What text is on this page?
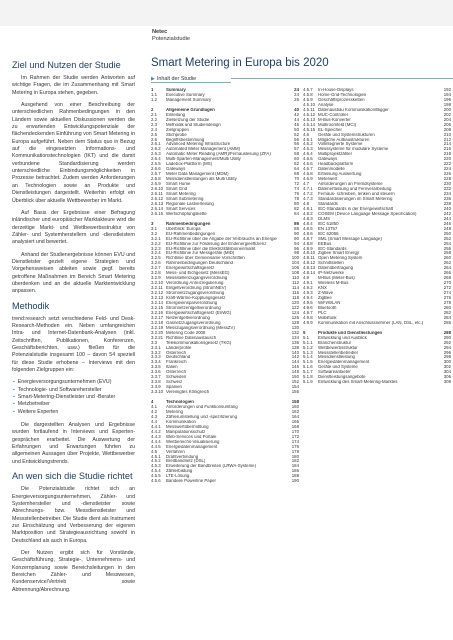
Netec
Potenzialstudie
Smart Metering in Europa bis 2020
▶ Inhalt der Studie
Ziel und Nutzen der Studie

Im Rahmen der Studie werden Antworten auf wichtige Fragen, die im Zusammenhang mit Smart Metering in Europa stehen, gegeben.

Ausgehend von einer Beschreibung der unterschiedlichen Rahmenbedingungen in den Ländern sowie aktuellen Diskussionen werden die zu erwartenden Entwicklungspotenziale der flächendeckenden Einführung von Smart Metering in Europa aufgeführt. Neben dem Status quo in Bezug auf die eingesetzten Informations- und Kommunikationstechnologien (IKT) und die damit verbundene Standardisierung werden unterschiedliche Einbindungsmöglichkeiten in Prozesse betrachtet. Zudem werden Anforderungen an Technologien sowie an Produkte und Dienstleistungen dargestellt. Weiterhin erfolgt ein Überblick über aktuelle Wettbewerber im Markt.

Auf Basis der Ergebnisse einer Befragung inländischer und europäischer Marktakteure wird die derzeitige Markt- und Wettbewerbsstruktur von Zähler- und Systemherstellern und -dienstleistern analysiert und bewertet.

Anhand der Studienergebnisse können EVU und Dienstleister gezielt eigene Strategien und Vorgehensweisen ableiten sowie gegf. bereits getroffene Maßnahmen im Bereich Smart Metering überdenken und an die aktuelle Marktentwicklung anpassen.

Methodik

trend:research setzt verschiedene Feld- und Desk-Research-Methoden ein. Neben umfangreichen Intra- und Internet-Datenbank-Analysen (inkl. Zeitschriften, Publikationen, Konferenzen, Geschäftsberichten, usw.) fließen für die Potenzialstudie insgesamt 100 – davon 54 speziell für diese Studie erhobene – Interviews mit den folgenden Zielgruppen ein:

▪ Energieversorgungsunternehmen (EVU)
▪ Technologie- und Softwarehersteller
▪ Smart-Metering-Dienstleister und -Berater
▪ Metzbetreiber
▪ Weitere Experten

Die dargestellten Analysen und Ergebnisse wurden fortlaufend in Interviews und Experten-gesprächen erarbeitet. Die Auswertung der Erfahrungen und Erwartungen führten zu allgemeinen Aussagen über Projekte, Wettbewerber und Entwicklungstrends.

An wen sich die Studie richtet

Die Potenzialstudie richtet sich an Energieversorgungsunternehmen, Zähler- und Systemhersteller und -dienstleister sowie Abrechnungs- bzw. Messdienstleister und Messstellenbetreiber. Die Studie dient als Instrument zur Einschätzung und Verbesserung der eigenen Marktposition und Strategieausrichtung sowohl in Deutschland als auch in Europa.

Der Nutzen ergibt sich für Vorstände, Geschäftsführung, Strategie-, Unternehmens- und Konzernplanung sowie Bereichsleitungen in den Bereichen Zähler- und Messwesen, Kundenservice/Vertrieb sowie Abtrennung/Abrechnung.

1	Summary	24
1.1	Executive Summary	24
1.2	Management Summary	26
2	Allgemeine Grundlagen	40
2.1	Einleitung	42
2.2	Zielsetzung der Studie	44
2.3	Methodik und Studiendesign	46
2.4	Zielgruppen	50
2.5	Stichprobe	52
2.6	Begriffsbestimmung	56
2.6.1	Advanced Metering Infrastructure	56
2.6.2	Automated Meter Management (AMM)	57
2.6.3	Automatic Meter Reading (AMR)/Fernauslesung (ZFA)	58
2.6.4	Multi-Sparten-Management/Multi Utility	60
2.6.5	Ladebox-Plattform (MS)	62
2.6.6	Gateways	64
2.6.7	Meter Data Management (MDM)	68
2.6.8	Messdienstleistungen als Multi Utility	70
2.6.9	Smart Home	72
2.6.10 Smart Grid	74
2.6.11 Smart Metering	76
2.6.12 Smart Submetering	78
2.6.13 Regionale Lastverteilung	80
2.6.14 Smart Services	82
2.6.15 Wertschöpfungskette	84
3	Rahmenbedingungen	86
3.1	Überblick: Europa	88
3.2	EU-Rahmenbedingungen	90
3.2.1	EU-Richtlinie über die Angabe der Verbrauchs an Energie	90
3.2.2	EU-Richtlinie zur Förderung der Endenergieeffizienz	94
3.2.3	EU-Richtlinie über die Elektrizitätsbinnenmarkt	96
3.2.4	EU-Richtlinie zur Messgeräte (MID)	98
3.2.5	Richtlinie über Gemeinsame Vorschriften	100
3.2.6	Rahmenbedingungen Deutschland	104
3.2.7	Energiewirtschaftsgesetz	106
3.2.8	Mess- und Eichgesetz (MessEG)	108
3.2.9	Messstellenzugangsverordnung	110
3.2.10 Verordnung Anreizregulierung	112
3.2.11 Entgeltverordnung (StromNEV)	114
3.2.12 Stromnetzzugangsverordnung	116
3.2.13 Kraft-Wärme-Kopplungsgesetz	118
3.2.14 Energieeinsparverordnung	120
3.2.15 Stromnetzentgeltverordnung	122
3.2.16 Energiewirtschaftsgesetz (EnWG)	124
3.2.17 Netzentgeltverordnung	126
3.2.18 Gasnetzzugangsverordnung	128
3.2.19 Messzugangsverordnung (MessZV)	130
3.2.20 Metering Code 2008	132
3.2.21 Richtlinie Datenaustausch	134
3.3	Telekommunikationsgesetz (TKG)	136
3.3.1	Länderprofile	138
3.3.2	Österreich	140
3.3.3	Deutschland	142
3.3.4	Frankreich	144
3.3.5	Italien	146
3.3.6	Österreich	148
3.3.7	Schweden	150
3.3.8	Schweiz	152
3.3.9	Spanien	154
3.3.10 Vereinigtes Königreich	156
4	Technologien	158
4.1	Anforderungen und Funktionsumfang	160
4.2	Metering	162
4.3	Zählerumstellung und -spezifizierung	164
4.4	Kommunikation	166
4.4.1	Messwertübermittlung	168
4.4.2	Manipulationsschutz	170
4.4.3	Web-Services und Portale	172
4.4.4	Weitbereichs-Visualisierung	174
4.4.5	Energiedatenmanagement	176
4.5	Verfahren	178
4.5.1	Drahtverbindung	180
4.5.2	Breitbandnetz (DSL)	182
4.5.3	Erweiterung der Bandbreiten (LRWA-Systeme)	184
4.5.4	Zählerbildung	186
4.5.5	LTE-Lösung	188
4.5.6	Bandeile Powerline Paper	190
4.5.7	In-House-Displays	192
4.5.8	Home-Grid-Technologien	194
4.5.9	Geschäftsprozessketten	196
4.5.10 Analyse	198
4.5.11 Datenausbau Kommunikation/Bigger	200
4.5.12 MUC-Controller	202
4.5.13 M-Bus-Konverter	204
4.5.14 Multiroomfeld (MCI)	206
4.5.15 EL-Speicher	208
4.6	Geräte und Systemstrukturen	210
4.6.1	Mögliche Aufbaustrukturen	212
4.6.2	Vollintegrierte Systeme	214
4.6.3	Messsysteme für modulare Systeme	216
4.6.4	Multiprojektzähler	218
4.6.5	Gateways	220
4.6.6	Headbackplatform	222
4.6.7	Datenmodelle	224
4.6.8	Erfassung Auswertung	226
4.6.9	Meterwert	228
4.7	Anforderungen an Fremdsysteme	230
4.7.1	Datenerfassung und Fernverarbeitung	232
4.7.2	Fernaus- schreiben, lenken und steuern	234
4.7.3	Standardisierungen im Smart Metering	236
4.8	Standards	238
4.8.1	IEC-Standards in der Energiewirtschaft	240
4.8.2	COSEM (Device Language Message Specification)	242
4.8.3	DLMS	244
4.8.4	IEC 61850	246
4.8.5	EN 13757	248
4.8.6	IEC 62056	250
4.8.7	SML (Smart Message Language)	252
4.8.8	EEBus	254
4.8.9	IEC-Standards	256
4.8.10 Zigbee Smart Energy	258
4.8.11 Open Metering System	260
4.8.12 Schnittstellen	262
4.8.13 Datenübertragung	264
4.8.14 IP-Netzwerke	266
4.9	M-Bus (Meter-Bus)	268
4.9.1	Wireless M-Bus	270
4.9.2	KNX	272
4.9.3	Z-Wave	274
4.9.4	ZigBee	276
4.9.5	WiFi/WLAN	278
4.9.6	Bluetooth	280
4.9.7	PLC	282
4.9.8	Mobilfunk	284
4.9.9	Kommunikation mit Anschlussnehmer (LAN, DSL, etc.)	286
5	Produkte und Dienstleistungen	288
5.1	Entwicklung und Ausblick	290
5.1.1	Branchenstruktur	292
5.1.2	Wettbewerbsstruktur	294
5.1.3	Messstellenbetreiber	296
5.1.4	Messdienstleistung	298
5.1.5	Energiedatenmanagement	300
5.1.6	Geräte und Systeme	302
5.1.7	Softwareanbieter	304
5.1.8	Dienstleistungsangebote	306
5.1.9	Entwicklung des Smart-Metering-Marktes	308
